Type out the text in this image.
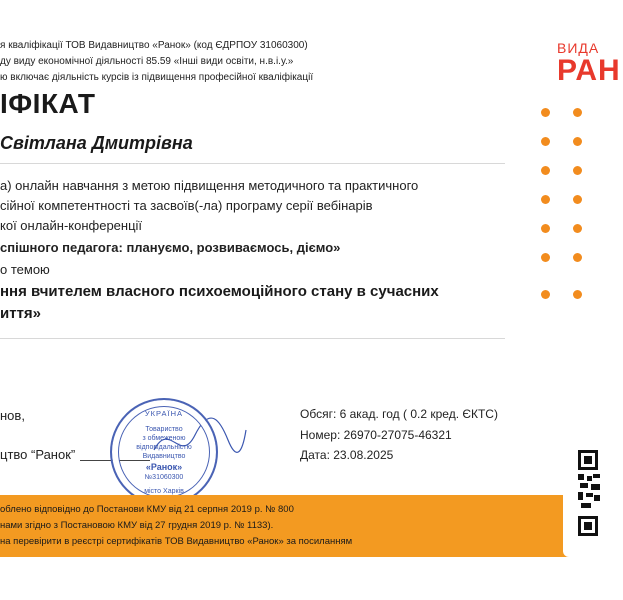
я кваліфікації ТОВ Видавництво «Ранок» (код ЄДРПОУ 31060300)
ду виду економічної діяльності 85.59 «Інші види освіти, н.в.і.у.»
ю включає діяльність курсів із підвищення професійної кваліфікації
ВИДА
РАН
ІФІКАТ
Світлана Дмитрівна
а) онлайн навчання з метою підвищення методичного та практичного
сійної компетентності та засвоїв(-ла) програму серії вебінарів
кої онлайн-конференції
спішного педагога: плануємо, розвиваємось, діємо»
о темою
ння вчителем власного психоемоційного стану в сучасних
иття»
нов,
цтво “Ранок”
УКРАЇНА
Товариство
з обмеженою
відповідальністю
Видавництво
«Ранок»
№31060300
місто Харків
Обсяг: 6 акад. год ( 0.2 кред. ЄКТС)
Номер: 26970-27075-46321
Дата: 23.08.2025
облено відповідно до Постанови КМУ від 21 серпня 2019 р. № 800
нами згідно з Постановою КМУ від 27 грудня 2019 р. № 1133).
на перевірити в реєстрі сертифікатів ТОВ Видавництво «Ранок» за посиланням
